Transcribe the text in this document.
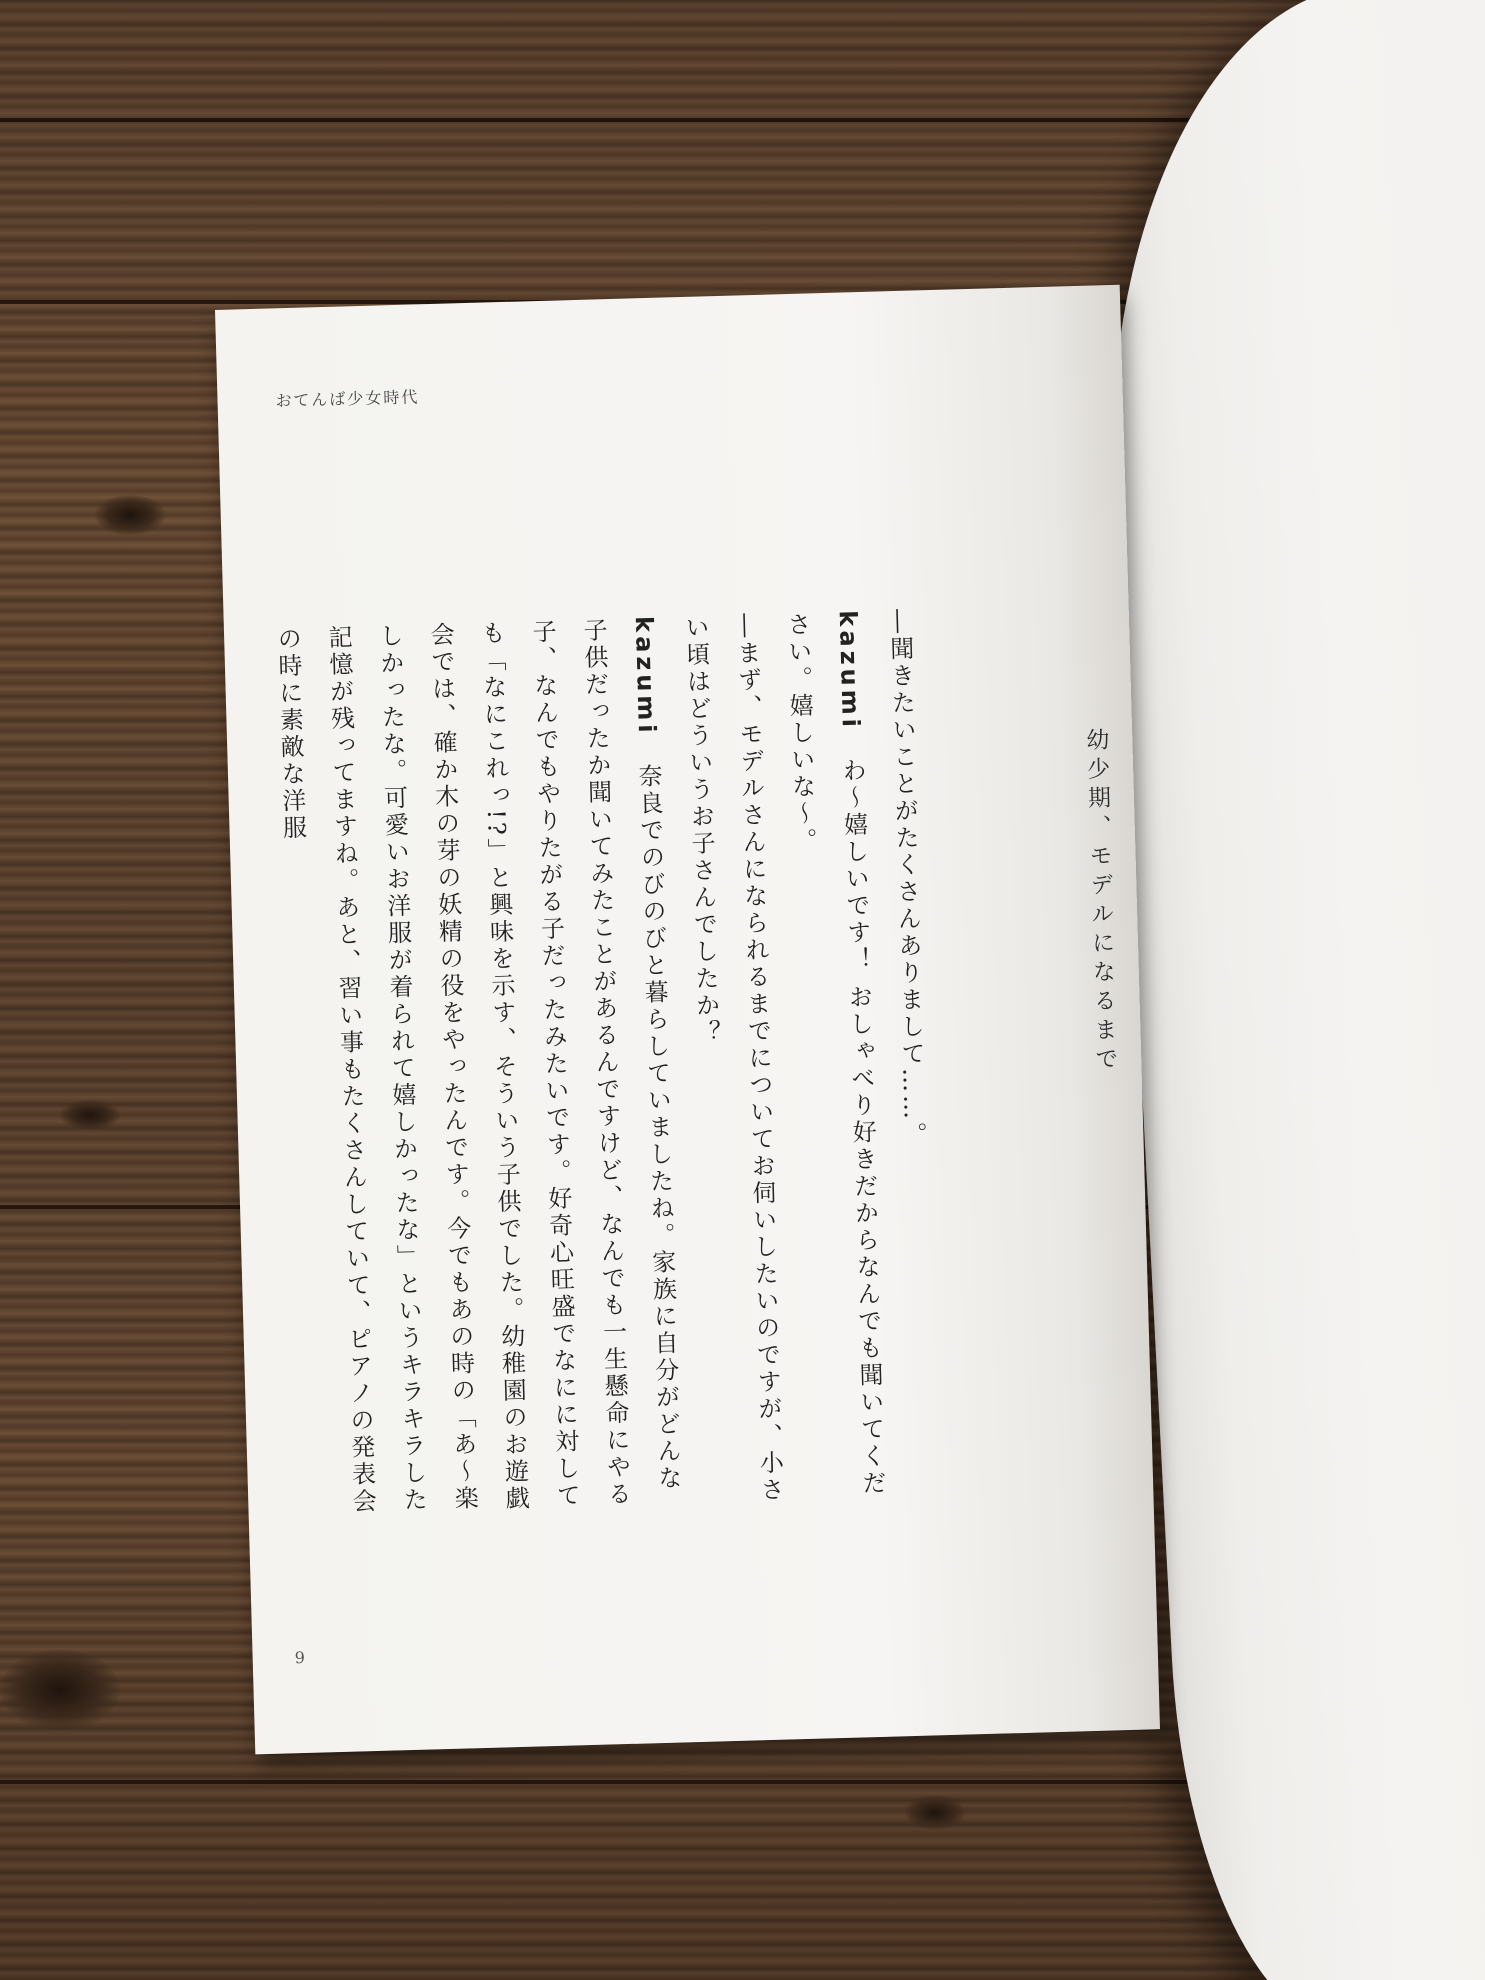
おてんば少女時代
幼少期、モデルになるまで

―聞きたいことがたくさんありまして……。

kazumi　わ〜嬉しいです！ おしゃべり好きだからなんでも聞いてください。嬉しいな〜。

―まず、モデルさんになられるまでについてお伺いしたいのですが、小さい頃はどういうお子さんでしたか？

kazumi　奈良でのびのびと暮らしていましたね。家族に自分がどんな子供だったか聞いてみたことがあるんですけど、なんでも一生懸命にやる子、なんでもやりたがる子だったみたいです。好奇心旺盛でなにに対しても「なにこれっ!?」と興味を示す、そういう子供でした。幼稚園のお遊戯会では、確か木の芽の妖精の役をやったんです。今でもあの時の「あ〜楽しかったな。可愛いお洋服が着られて嬉しかったな」というキラキラした記憶が残ってますね。あと、習い事もたくさんしていて、ピアノの発表会の時に素敵な洋服

9
